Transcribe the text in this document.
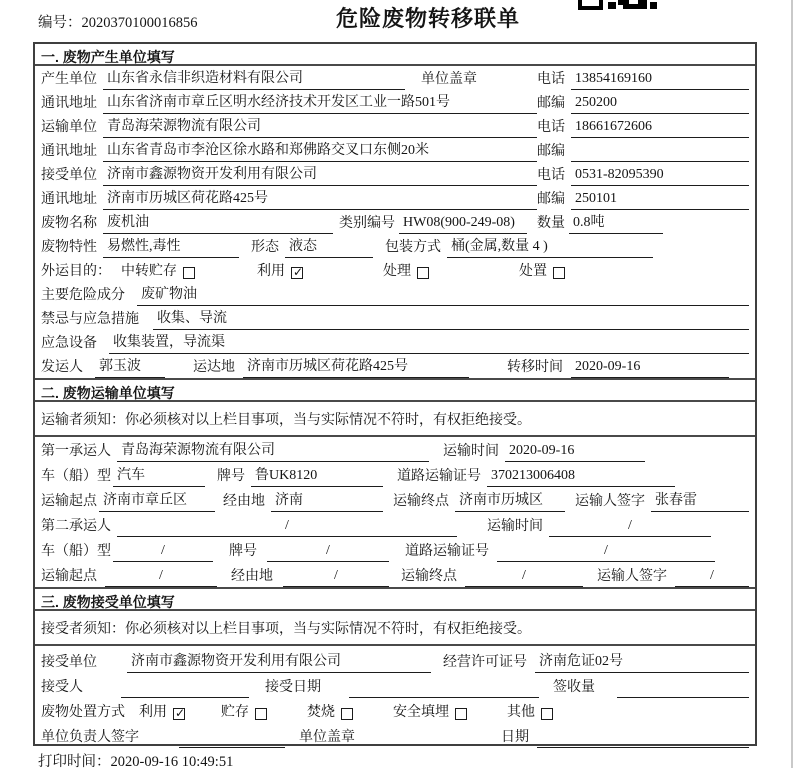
编号：2020370100016856	危险废物转移联单
一. 废物产生单位填写
产生单位 山东省永信非织造材料有限公司	单位盖章	电话 13854169160
通讯地址 山东省济南市章丘区明水经济技术开发区工业一路501号	邮编 250200
运输单位 青岛海荣源物流有限公司	电话 18661672606
通讯地址 山东省青岛市李沧区徐水路和郑佛路交叉口东侧20米	邮编
接受单位 济南市鑫源物资开发利用有限公司	电话 0531-82095390
通讯地址 济南市历城区荷花路425号	邮编 250101
废物名称 废机油	类别编号 HW08(900-249-08)	数量 0.8吨
废物特性 易燃性,毒性	形态 液态	包装方式 桶(金属,数量 4 )
外运目的： 中转贮存	利用 ✓	处理	处置
主要危险成分	废矿物油
禁忌与应急措施	收集、导流
应急设备	收集装置，导流渠
发运人	郭玉波	运达地 济南市历城区荷花路425号	转移时间 2020-09-16
二. 废物运输单位填写
运输者须知：你必须核对以上栏目事项，当与实际情况不符时，有权拒绝接受。
第一承运人 青岛海荣源物流有限公司	运输时间 2020-09-16
车（船）型 汽车	牌号 鲁UK8120	道路运输证号 370213006408
运输起点 济南市章丘区	经由地 济南	运输终点 济南市历城区	运输人签字 张春雷
第二承运人	/	运输时间	/
车（船）型	/	牌号	/	道路运输证号	/
运输起点	/	经由地	/	运输终点	/	运输人签字	/
三. 废物接受单位填写
接受者须知：你必须核对以上栏目事项，当与实际情况不符时，有权拒绝接受。
接受单位	济南市鑫源物资开发利用有限公司	经营许可证号 济南危证02号
接受人	接受日期	签收量
废物处置方式 利用 ✓	贮存	焚烧	安全填埋	其他
单位负责人签字	单位盖章	日期
打印时间：2020-09-16 10:49:51
